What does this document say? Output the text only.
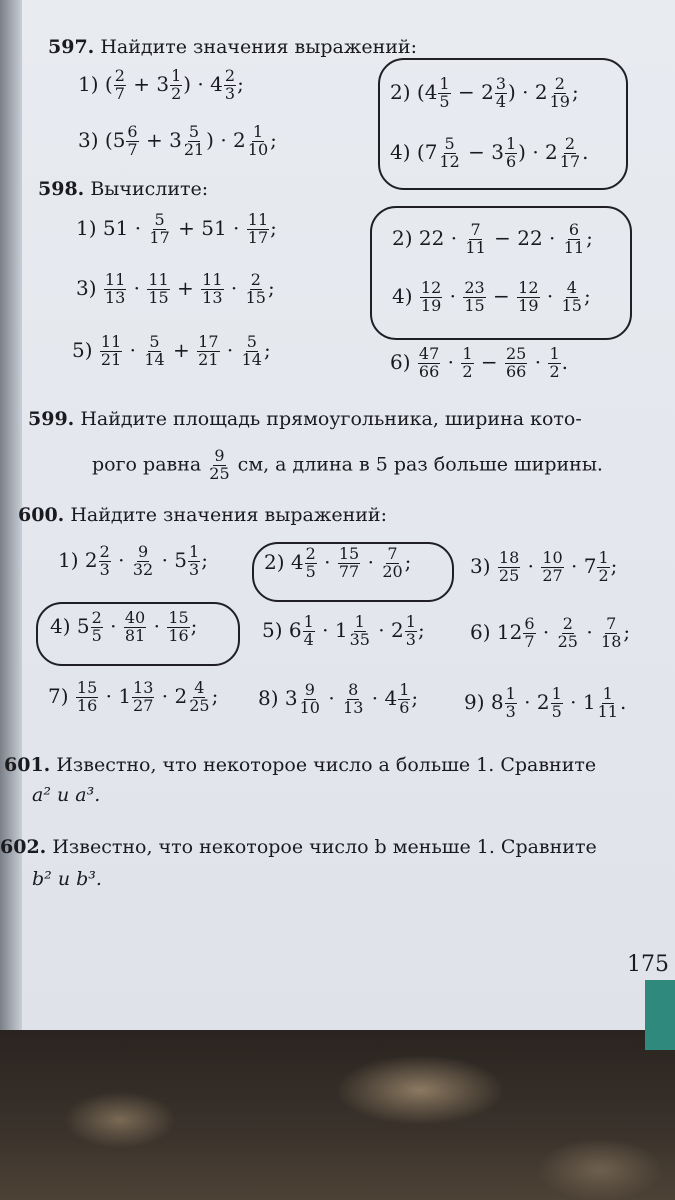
597. Найдите значения выражений:
1) ( $\frac{2}{7} + 3 \frac{1}{2}$ ) · $4 \frac{2}{3}$ ;	2) ($4 \frac{1}{5} - 2 \frac{3}{4}$ ) · $2 \frac{2}{19}$ ;
3) ($5 \frac{6}{7} + 3 \frac{5}{21}$ ) · $2 \frac{1}{10}$ ;	4) ($7 \frac{5}{12} - 3 \frac{1}{6}$ ) · $2 \frac{2}{17}$ .
598. Вычислите:
1) $51 \cdot \frac{5}{17} + 51 \cdot \frac{11}{17}$ ;	2) $22 \cdot \frac{7}{11} - 22 \cdot \frac{6}{11}$ ;
$3) \frac{11}{13} \cdot \frac{11}{15} + \frac{11}{13} \cdot \frac{2}{15}$ ;	$4) \frac{12}{19} \cdot \frac{23}{15} - \frac{12}{19} \cdot \frac{4}{15}$ ;
$5) \frac{11}{21} \cdot \frac{5}{14} + \frac{17}{21} \cdot \frac{5}{14}$ ;	$6) \frac{47}{66} \cdot \frac{1}{2} - \frac{25}{66} \cdot \frac{1}{2}$ .
599. Найдите площадь прямоугольника, ширина кото-
рого равна $\frac{9}{25}$ см, а длина в 5 раз больше ширины.
600. Найдите значения выражений:
1) $2 \frac{2}{3} \cdot \frac{9}{32} \cdot 5 \frac{1}{3}$ ;	2) $4 \frac{2}{5} \cdot \frac{15}{77} \cdot \frac{7}{20}$ ;	$3) \frac{18}{25} \cdot \frac{10}{27} \cdot 7 \frac{1}{2}$ ;
4) $5 \frac{2}{5} \cdot \frac{40}{81} \cdot \frac{15}{16}$ ;	5) $6 \frac{1}{4} \cdot 1 \frac{1}{35} \cdot 2 \frac{1}{3}$ ; 6) $12 \frac{6}{7} \cdot \frac{2}{25} \cdot \frac{7}{18}$ ;
$7) \frac{15}{16} \cdot 1 \frac{13}{27} \cdot 2 \frac{4}{25}$ ; 8) $3 \frac{9}{10} \cdot \frac{8}{13} \cdot 4 \frac{1}{6}$ ; 9) $8 \frac{1}{3} \cdot 2 \frac{1}{5} \cdot 1 \frac{1}{11}$ .
601. Известно, что некоторое число a больше 1. Сравните
a² и a³.
602. Известно, что некоторое число b меньше 1. Сравните
b² и b³.
175
